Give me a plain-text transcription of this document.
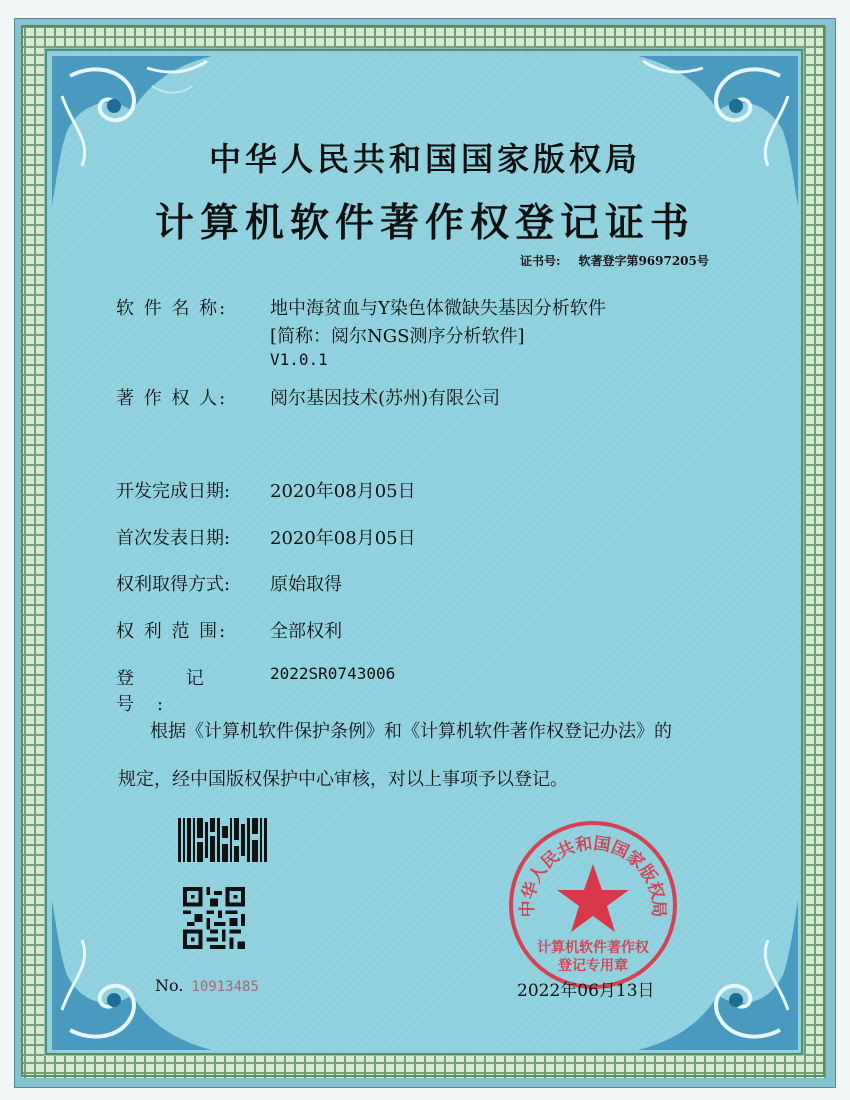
中华人民共和国国家版权局
计算机软件著作权登记证书
证书号: 软著登字第9697205号
软 件 名 称: 地中海贫血与Y染色体微缺失基因分析软件
[简称：阅尔NGS测序分析软件]
V1.0.1
著 作 权 人: 阅尔基因技术(苏州)有限公司
开发完成日期: 2020年08月05日
首次发表日期: 2020年08月05日
权利取得方式: 原始取得
权 利 范 围: 全部权利
登 记 号:
2022SR0743006
根据《计算机软件保护条例》和《计算机软件著作权登记办法》的
规定，经中国版权保护中心审核，对以上事项予以登记。
No. 10913485
中华人民共和国国家版权局
计算机软件著作权
登记专用章
2022年06月13日
